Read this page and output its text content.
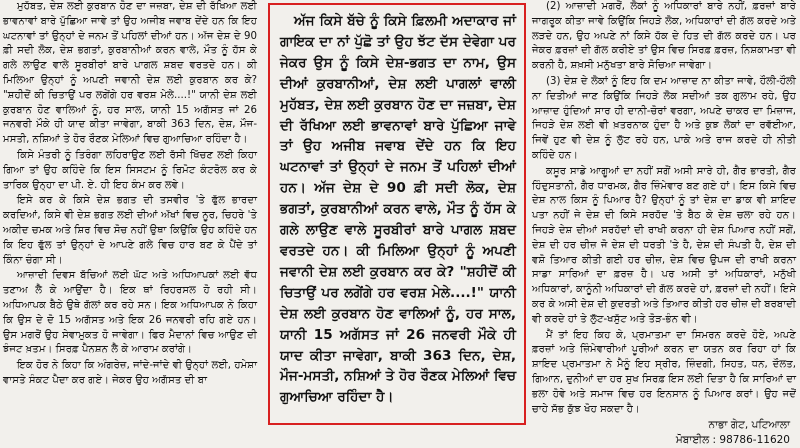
ਮੁਹੱਬਤ, ਦੇਸ਼ ਲਈ ਕੁਰਬਾਨ ਹੋਣ ਦਾ ਜਜ਼ਬਾ, ਦੇਸ਼ ਦੀ ਰੱਖਿਆ ਲਈ ਭਾਵਨਾਵਾਂ ਬਾਰੇ ਪੁੱਛਿਆ ਜਾਵੇ ਤਾਂ ਉਹ ਅਜੀਬ ਜਵਾਬ ਦੇਂਦੇ ਹਨ ਕਿ ਇਹ ਘਟਨਾਵਾਂ ਤਾਂ ਉਨ੍ਹਾਂ ਦੇ ਜਨਮ ਤੋਂ ਪਹਿਲਾਂ ਦੀਆਂ ਹਨ। ਅੱਜ ਦੇਸ਼ ਦੇ 90 ਫ਼ੀ ਸਦੀ ਲੋਕ, ਦੇਸ਼ ਭਗਤਾਂ, ਕੁਰਬਾਨੀਆਂ ਕਰਨ ਵਾਲੇ, ਮੌਤ ਨੂੰ ਹੱਸ ਕੇ ਗਲੇ ਲਾਉਣ ਵਾਲੇ ਸੂਰਬੀਰਾਂ ਬਾਰੇ ਪਾਗਲ ਸ਼ਬਦ ਵਰਤਦੇ ਹਨ। ਕੀ ਮਿਲਿਆ ਉਨ੍ਹਾਂ ਨੂੰ ਅਪਣੀ ਜਵਾਨੀ ਦੇਸ਼ ਲਈ ਕੁਰਬਾਨ ਕਰ ਕੇ? "ਸ਼ਹੀਦੋਂ ਕੀ ਚਿਤਾਉਂ ਪਰ ਲਗੇਂਗੇ ਹਰ ਵਰਸ਼ ਮੇਲੇ....!" ਯਾਨੀ ਦੇਸ਼ ਲਈ ਕੁਰਬਾਨ ਹੋਣ ਵਾਲਿਆਂ ਨੂੰ, ਹਰ ਸਾਲ, ਯਾਨੀ 15 ਅਗੱਸਤ ਜਾਂ 26 ਜਨਵਰੀ ਮੌਕੇ ਹੀ ਯਾਦ ਕੀਤਾ ਜਾਵੇਗਾ, ਬਾਕੀ 363 ਦਿਨ, ਦੇਸ਼, ਮੌਜ-ਮਸਤੀ, ਨਸ਼ਿਆਂ ਤੇ ਹੋਰ ਰੌਣਕ ਮੇਲਿਆਂ ਵਿਚ ਗੁਆਚਿਆ ਰਹਿੰਦਾ ਹੈ।

ਕਿਸੇ ਮੰਤਰੀ ਨੂੰ ਤਿਰੰਗਾ ਲਹਿਰਾਉਣ ਲਈ ਰੱਸੀ ਖਿੱਚਣ ਲਈ ਕਿਹਾ ਗਿਆ ਤਾਂ ਉਹ ਕਹਿੰਦੇ ਕਿ ਇਸ ਸਿਸਟਮ ਨੂੰ ਰਿਮੋਟ ਕੰਟਰੋਲ ਕਰ ਕੇ ਤਾਰਿਕ ਉਨ੍ਹਾ ਦਾ ਪੀ. ਏ. ਹੀ ਇਹ ਕੰਮ ਕਰ ਲਵੇ।

ਇਸੇ ਕਰ ਕੇ ਕਿਸੇ ਦੇਸ਼ ਭਗਤ ਦੀ ਤਸਵੀਰ 'ਤੇ ਫੁੱਲ ਭਾਰਦਾ ਕਰਦਿਆਂ, ਕਿਸੇ ਵੀ ਦੇਸ਼ ਭਗਤ ਲਈ ਦੀਆਂ ਅੱਖਾਂ ਵਿਚ ਨੂਰ, ਚਿਹਰੇ 'ਤੇ ਅਕੀਦ ਚਮਕ ਅਤੇ ਸ਼ਿਰ ਵਿਚ ਸੋਚ ਨਹੀਂ ਉਥਾ ਕਿਉਂਕਿ ਉਹ ਕਹਿੰਦੇ ਹਨ ਕਿ ਇਹ ਫੁੱਲ ਤਾਂ ਉਨ੍ਹਾਂ ਦੇ ਆਪਣੇ ਗਲੇ ਵਿਚ ਹਾਰ ਬਣ ਕੇ ਪੈਂਦੇ ਤਾਂ ਕਿੰਨਾ ਚੰਗਾ ਸੀ।

ਆਜ਼ਾਦੀ ਦਿਵਸ ਬੱਚਿਆਂ ਲਈ ਘੱਟ ਅਤੇ ਅਧਿਆਪਕਾਂ ਲਈ ਵੱਧ ਤਣਾਅ ਲੈ ਕੇ ਆਉਂਦਾ ਹੈ। ਇਕ ਥਾਂ ਰਿਹਰਸਲ ਹੋ ਰਹੀ ਸੀ। ਅਧਿਆਪਕ ਬੈਠੇ ਉਥੇ ਗੱਲਾਂ ਕਰ ਰਹੇ ਸਨ। ਇਕ ਅਧਿਆਪਕ ਨੇ ਕਿਹਾ ਕਿ ਉਸ ਦੇ ਦੋ 15 ਅਗੱਸਤ ਅਤੇ ਇਕ 26 ਜਨਵਰੀ ਰਹਿ ਗਏ ਹਨ। ਉਸ ਮਗਰੋਂ ਉਹ ਸੇਵਾਮੁਕਤ ਹੋ ਜਾਵੇਗਾ। ਫਿਰ ਮੈਦਾਨਾਂ ਵਿਚ ਆਉਣ ਦੀ ਝੰਜਟ ਖ਼ਤਮ। ਸਿਰਫ਼ ਪੈਨਸ਼ਨ ਲੈ ਕੇ ਆਰਾਮ ਕਰਾਂਗੇ।

ਇਕ ਹੋਰ ਨੇ ਕਿਹਾ ਕਿ ਅੰਗਰੇਜ਼, ਜਾਂਦੇ-ਜਾਂਦੇ ਵੀ ਉਨ੍ਹਾਂ ਲਈ, ਹਮੇਸ਼ਾ ਵਾਸਤੇ ਸੰਕਟ ਪੈਦਾ ਕਰ ਗਏ। ਜੇਕਰ ਉਹ ਅਗੱਸਤ ਦੀ ਬਾ

ਅੱਜ ਕਿਸੇ ਬੱਚੇ ਨੂੰ ਕਿਸੇ ਫ਼ਿਲਮੀ ਅਦਾਕਾਰ ਜਾਂ ਗਾਇਕ ਦਾ ਨਾਂ ਪੁੱਛੋ ਤਾਂ ਉਹ ਝੱਟ ਦੱਸ ਦੇਵੇਗਾ ਪਰ ਜੇਕਰ ਉਸ ਨੂੰ ਕਿਸੇ ਦੇਸ਼-ਭਗਤ ਦਾ ਨਾਮ, ਉਸ ਦੀਆਂ ਕੁਰਬਾਨੀਆਂ, ਦੇਸ਼ ਲਈ ਪਾਗਲਾਂ ਵਾਲੀ ਮੁਹੱਬਤ, ਦੇਸ਼ ਲਈ ਕੁਰਬਾਨ ਹੋਣ ਦਾ ਜਜ਼ਬਾ, ਦੇਸ਼ ਦੀ ਰੱਖਿਆ ਲਈ ਭਾਵਨਾਵਾਂ ਬਾਰੇ ਪੁੱਛਿਆ ਜਾਵੇ ਤਾਂ ਉਹ ਅਜੀਬ ਜਵਾਬ ਦੇਂਦੇ ਹਨ ਕਿ ਇਹ ਘਟਨਾਵਾਂ ਤਾਂ ਉਨ੍ਹਾਂ ਦੇ ਜਨਮ ਤੋਂ ਪਹਿਲਾਂ ਦੀਆਂ ਹਨ। ਅੱਜ ਦੇਸ਼ ਦੇ 90 ਫ਼ੀ ਸਦੀ ਲੋਕ, ਦੇਸ਼ ਭਗਤਾਂ, ਕੁਰਬਾਨੀਆਂ ਕਰਨ ਵਾਲੇ, ਮੌਤ ਨੂੰ ਹੱਸ ਕੇ ਗਲੇ ਲਾਉਣ ਵਾਲੇ ਸੂਰਬੀਰਾਂ ਬਾਰੇ ਪਾਗਲ ਸ਼ਬਦ ਵਰਤਦੇ ਹਨ। ਕੀ ਮਿਲਿਆ ਉਨ੍ਹਾਂ ਨੂੰ ਅਪਣੀ ਜਵਾਨੀ ਦੇਸ਼ ਲਈ ਕੁਰਬਾਨ ਕਰ ਕੇ? "ਸ਼ਹੀਦੋਂ ਕੀ ਚਿਤਾਉਂ ਪਰ ਲਗੇਂਗੇ ਹਰ ਵਰਸ਼ ਮੇਲੇ....!" ਯਾਨੀ ਦੇਸ਼ ਲਈ ਕੁਰਬਾਨ ਹੋਣ ਵਾਲਿਆਂ ਨੂੰ, ਹਰ ਸਾਲ, ਯਾਨੀ 15 ਅਗੱਸਤ ਜਾਂ 26 ਜਨਵਰੀ ਮੌਕੇ ਹੀ ਯਾਦ ਕੀਤਾ ਜਾਵੇਗਾ, ਬਾਕੀ 363 ਦਿਨ, ਦੇਸ਼, ਮੌਜ-ਮਸਤੀ, ਨਸ਼ਿਆਂ ਤੇ ਹੋਰ ਰੌਣਕ ਮੇਲਿਆਂ ਵਿਚ ਗੁਆਚਿਆ ਰਹਿੰਦਾ ਹੈ।

(2) ਆਜ਼ਾਦੀ ਮਗਰੋਂ, ਲੋਕਾਂ ਨੂੰ ਅਧਿਕਾਰਾਂ ਬਾਰੇ ਨਹੀਂ, ਫ਼ਰਜ਼ਾਂ ਬਾਰੇ ਜਾਗਰੂਕ ਕੀਤਾ ਜਾਵੇ ਕਿਉਂਕਿ ਜਿਹੜੇ ਲੋਕ, ਅਧਿਕਾਰਾਂ ਦੀ ਗੱਲ ਕਰਦੇ ਅਤੇ ਲੜਦੇ ਹਨ, ਉਹ ਅਪਣੇ ਨਾਂ ਕਿਸੇ ਹੱਕ ਦੇ ਹਿਤ ਦੀ ਗੱਲ ਕਰਦੇ ਹਨ। ਪਰ ਜੇਕਰ ਫ਼ਰਜ਼ਾਂ ਦੀ ਗੱਲ ਕਰੀਏ ਤਾਂ ਉਸ ਵਿਚ ਸਿਰਫ਼ ਫ਼ਰਜ਼, ਨਿਸ਼ਕਾਮਤਾ ਵੀ ਕਰਨੀ ਹੈ, ਸ਼ਖ਼ਸੀ ਮਨੁੱਖਤਾ ਬਾਰੇ ਸੋਚਿਆ ਜਾਵੇਗਾ।

(3) ਦੇਸ਼ ਦੇ ਲੋਕਾਂ ਨੂੰ ਇਹ ਕਿ ਦਮ ਆਜ਼ਾਦ ਨਾ ਕੀਤਾ ਜਾਵੇ, ਹੌਲੀ-ਹੌਲੀ ਨਾ ਦਿਤੀਆਂ ਜਾਣ ਕਿਉਂਕਿ ਜਿਹੜੇ ਲੋਕ ਸਦੀਆਂ ਤਕ ਗੁਲਾਮ ਰਹੇ, ਉਹ ਆਜ਼ਾਦ ਹੁੰਦਿਆਂ ਸਾਰ ਹੀ ਦਾਨੀ-ਚੋਰਾਂ ਵਰਗਾ, ਅਪਣੇ ਚਾਕਰ ਦਾ ਮਿਜ਼ਾਜ, ਜਿਹੜੇ ਦੇਸ਼ ਲਈ ਵੀ ਖ਼ਤਰਨਾਕ ਹੁੰਦਾ ਹੈ ਅਤੇ ਕੁਝ ਲੋਕਾਂ ਦਾ ਰਵੱਈਆ, ਜਿਵੇਂ ਹੁਣ ਵੀ ਦੇਸ਼ ਨੂੰ ਲੁੱਟ ਰਹੇ ਹਨ, ਪਾਕੇ ਅਤੇ ਰਾਜ ਕਰਦੇ ਹੀ ਨੀਤੀ ਕਹਿੰਦੇ ਹਨ।

ਕਸੂਰ ਸਾਡੇ ਆਗੂਆਂ ਦਾ ਨਹੀਂ ਸਗੋਂ ਅਸੀ ਸਾਰੇ ਹੀ, ਗੈਰ ਭਾਰਤੀ, ਗੈਰ ਹਿੰਦੁਸਤਾਨੀ, ਗੈਰ ਧਾਰਮਕ, ਗੈਰ ਜ਼ਿੰਮੇਵਾਰ ਬਣ ਗਏ ਹਾਂ। ਇਸ ਕਿਸੇ ਵਿਚ ਦੇਸ਼ ਨਾਲ ਕਿਸ ਨੂੰ ਪਿਆਰ ਹੈ? ਉਨ੍ਹਾਂ ਨੂੰ ਤਾਂ ਦੇਸ਼ ਦਾ ਡਾਕ ਵੀ ਸ਼ਾਇਦ ਪਤਾ ਨਹੀਂ ਜੇ ਦੇਸ਼ ਦੀ ਕਿਸੇ ਸਰਹੱਦ 'ਤੇ ਬੈਠ ਕੇ ਦੇਸ਼ ਚਲਾ ਰਹੇ ਹਨ। ਜਿਹੜੇ ਦੇਸ਼ ਦੀਆਂ ਸਰਹੱਦਾਂ ਦੀ ਰਾਖੀ ਕਰਨਾ ਹੀ ਦੇਸ਼ ਪਿਆਰ ਨਹੀਂ ਸਗੋਂ, ਦੇਸ਼ ਦੀ ਹਰ ਚੀਜ਼ ਜੋ ਦੇਸ਼ ਦੀ ਧਰਤੀ 'ਤੇ ਹੈ, ਦੇਸ਼ ਦੀ ਸੰਪਤੀ ਹੈ, ਦੇਸ਼ ਦੀ ਵਸ਼ੋ ਤਿਆਰ ਕੀਤੀ ਗਈ ਹਰ ਚੀਜ਼, ਦੇਸ਼ ਵਿਚ ਉਪਜ ਦੀ ਰਾਖੀ ਕਰਨਾ ਸਾਡਾ ਸਾਰਿਆਂ ਦਾ ਫ਼ਰਜ਼ ਹੈ। ਪਰ ਅਸੀ ਤਾਂ ਅਧਿਕਾਰਾਂ, ਮਨੁੱਖੀ ਅਧਿਕਾਰਾਂ, ਕਾਨੂੰਨੀ ਅਧਿਕਾਰਾਂ ਦੀ ਗੱਲ ਕਰਦੇ ਹਾਂ, ਫ਼ਰਜ਼ਾਂ ਦੀ ਨਹੀਂ। ਇਸੇ ਕਰ ਕੇ ਅਸੀ ਦੇਸ਼ ਦੀ ਕੁਦਰਤੀ ਅਤੇ ਤਿਆਰ ਕੀਤੀ ਹਰ ਚੀਜ਼ ਦੀ ਬਰਬਾਦੀ ਵੀ ਕਰਦੇ ਹਾਂ ਤੇ ਲੁੱਟ-ਖਸੁੱਟ ਅਤੇ ਤੋੜ-ਭੰਨ ਵੀ।

ਮੈਂ ਤਾਂ ਇਹ ਕਿਹ ਕੇ, ਪ੍ਰਮਾਤਮਾ ਦਾ ਸਿਮਰਨ ਕਰਦੇ ਹੋਏ, ਅਪਣੇ ਫ਼ਰਜ਼ਾਂ ਅਤੇ ਜ਼ਿੰਮੇਵਾਰੀਆਂ ਪੂਰੀਆਂ ਕਰਨ ਦਾ ਯਤਨ ਕਰ ਰਿਹਾ ਹਾਂ ਕਿ ਸ਼ਾਇਦ ਪ੍ਰਮਾਤਮਾ ਨੇ ਮੈਨੂੰ ਇਹ ਸ੍ਰੀਰ, ਜ਼ਿੰਦਗੀ, ਸਿਹਤ, ਧਨ, ਦੌਲਤ, ਗਿਆਨ, ਦੁਨੀਆਂ ਦਾ ਹਰ ਸੁਖ ਸਿਰਫ਼ ਇਸ ਲਈ ਦਿਤਾ ਹੈ ਕਿ ਸਾਰਿਆਂ ਦਾ ਭਲਾ ਹੋਵੇ ਅਤੇ ਸਮਾਜ ਵਿਚ ਹਰ ਇਨਸਾਨ ਨੂੰ ਪਿਆਰ ਕਰਾਂ। ਉਹ ਜਦੋਂ ਚਾਹੇ ਸੱਭ ਕੁੱਝ ਖੋਹ ਸਕਦਾ ਹੈ।

ਨਾਭਾ ਗੇਟ, ਪਟਿਆਲਾ
ਮੋਬਾਈਲ : 98786-11620
